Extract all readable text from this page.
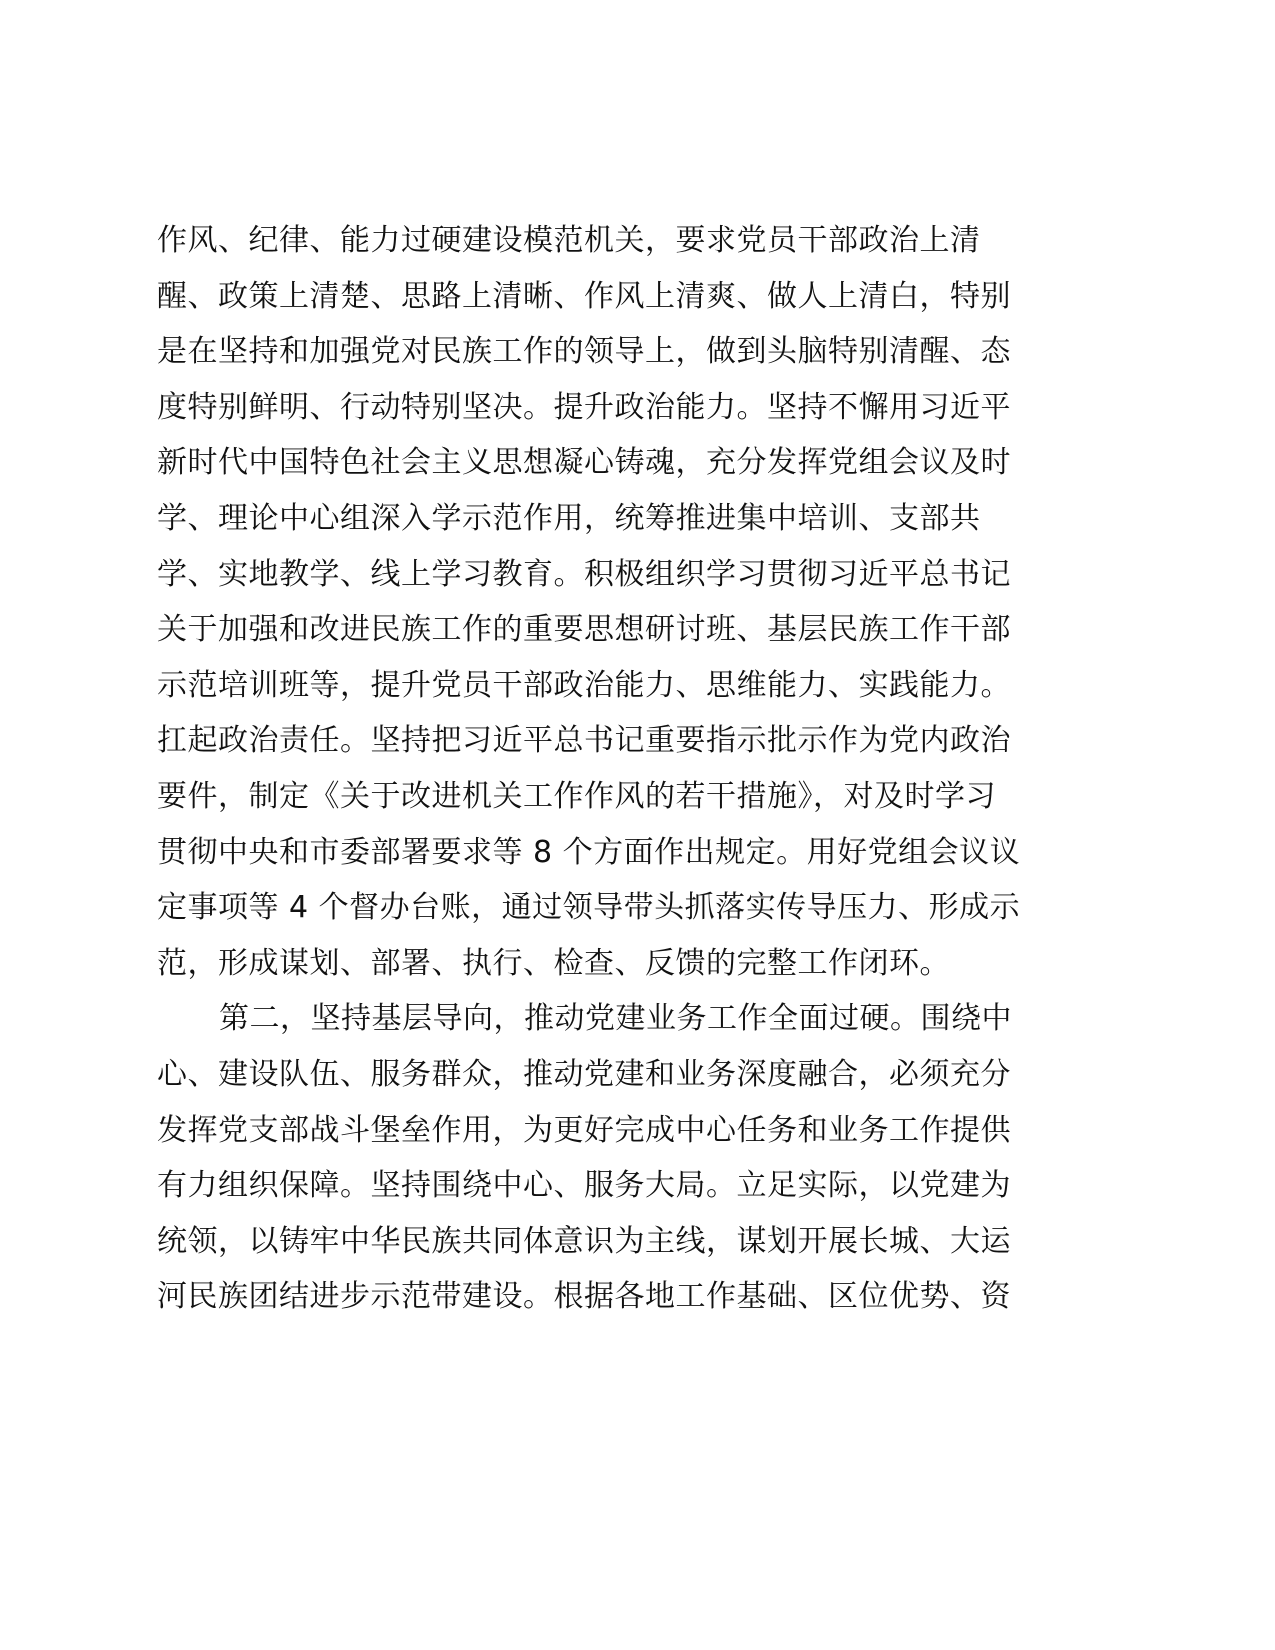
作风、纪律、能力过硬建设模范机关，要求党员干部政治上清
醒、政策上清楚、思路上清晰、作风上清爽、做人上清白，特别
是在坚持和加强党对民族工作的领导上，做到头脑特别清醒、态
度特别鲜明、行动特别坚决。提升政治能力。坚持不懈用习近平
新时代中国特色社会主义思想凝心铸魂，充分发挥党组会议及时
学、理论中心组深入学示范作用，统筹推进集中培训、支部共
学、实地教学、线上学习教育。积极组织学习贯彻习近平总书记
关于加强和改进民族工作的重要思想研讨班、基层民族工作干部
示范培训班等，提升党员干部政治能力、思维能力、实践能力。
扛起政治责任。坚持把习近平总书记重要指示批示作为党内政治
要件，制定《关于改进机关工作作风的若干措施》，对及时学习
贯彻中央和市委部署要求等 8 个方面作出规定。用好党组会议议
定事项等 4 个督办台账，通过领导带头抓落实传导压力、形成示
范，形成谋划、部署、执行、检查、反馈的完整工作闭环。
第二，坚持基层导向，推动党建业务工作全面过硬。围绕中
心、建设队伍、服务群众，推动党建和业务深度融合，必须充分
发挥党支部战斗堡垒作用，为更好完成中心任务和业务工作提供
有力组织保障。坚持围绕中心、服务大局。立足实际，以党建为
统领，以铸牢中华民族共同体意识为主线，谋划开展长城、大运
河民族团结进步示范带建设。根据各地工作基础、区位优势、资
